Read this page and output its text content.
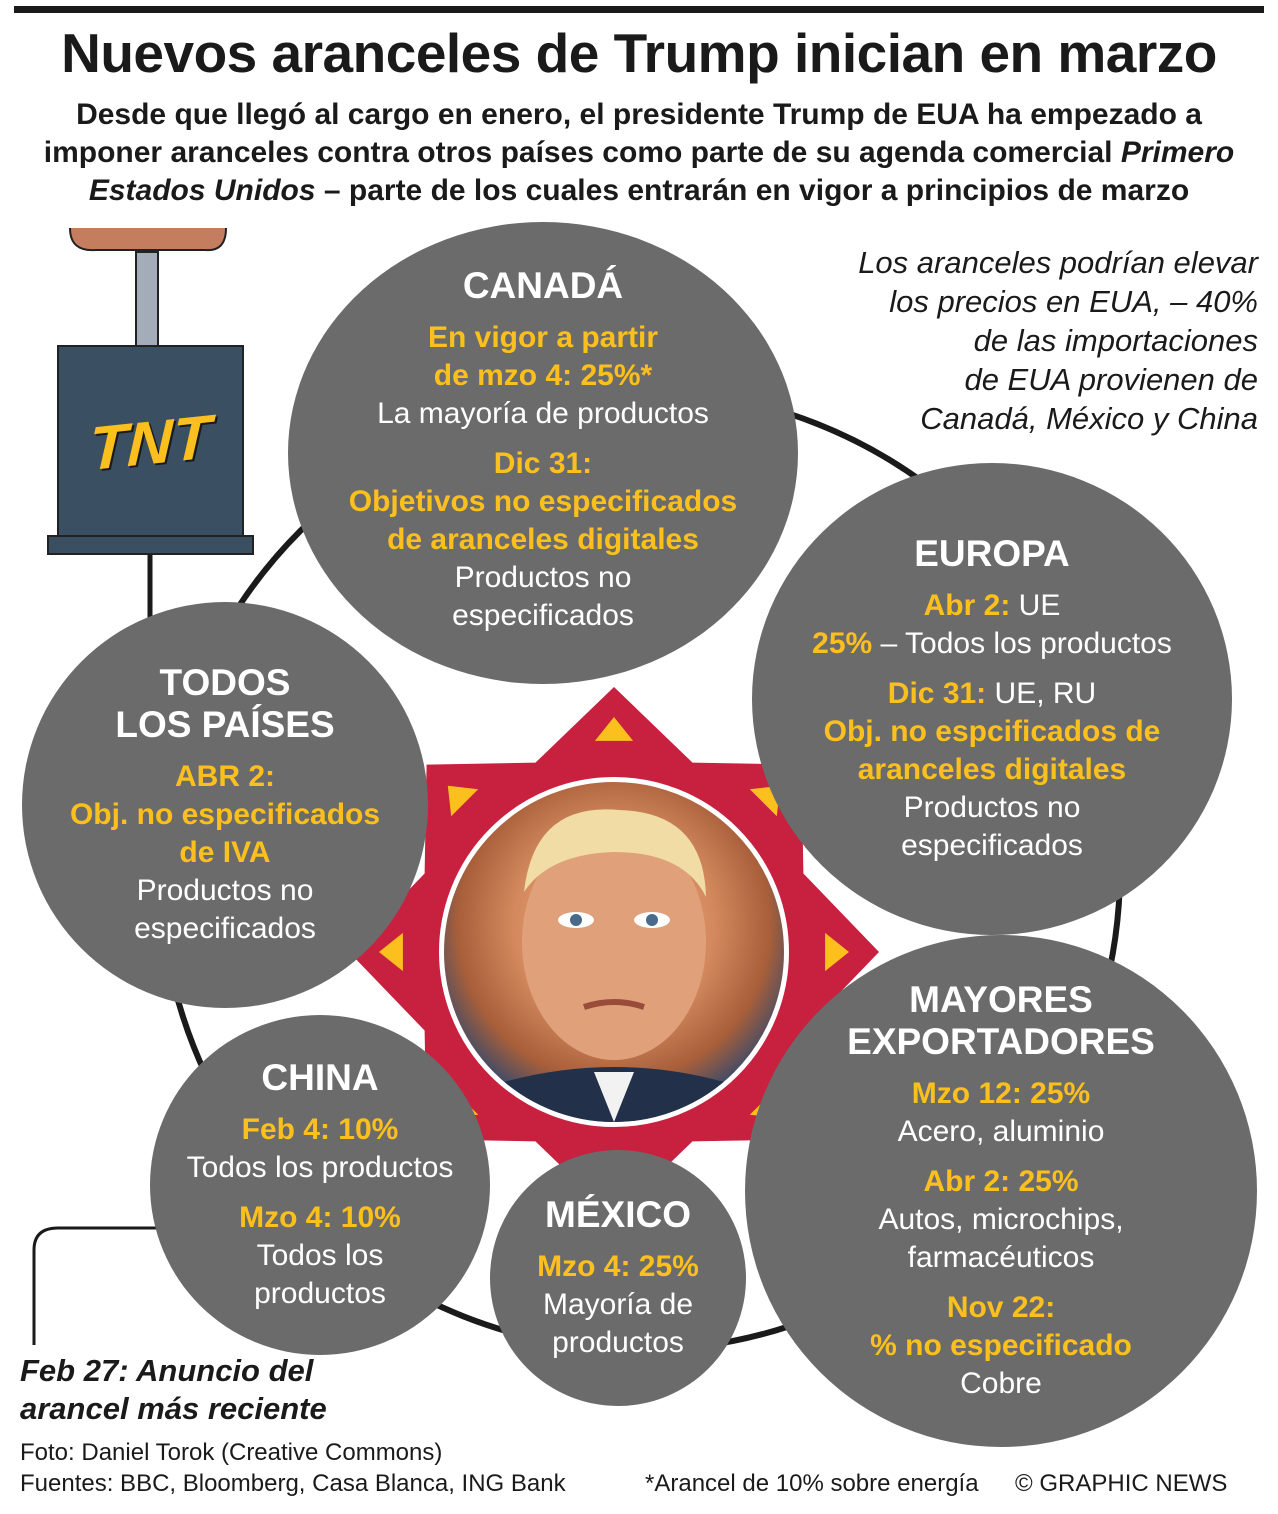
Nuevos aranceles de Trump inician en marzo
Desde que llegó al cargo en enero, el presidente Trump de EUA ha empezado a imponer aranceles contra otros países como parte de su agenda comercial Primero Estados Unidos – parte de los cuales entrarán en vigor a principios de marzo
Los aranceles podrían elevar
los precios en EUA, – 40%
de las importaciones
de EUA provienen de
Canadá, México y China
TNT
CANADÁ
En vigor a partir
de mzo 4: 25%*
La mayoría de productos
Dic 31:
Objetivos no especificados
de aranceles digitales
Productos no
especificados
EUROPA
Abr 2: UE
25% – Todos los productos
Dic 31: UE, RU
Obj. no espcificados de
aranceles digitales
Productos no
especificados
TODOS
LOS PAÍSES
ABR 2:
Obj. no especificados
de IVA
Productos no
especificados
MAYORES
EXPORTADORES
Mzo 12: 25%
Acero, aluminio
Abr 2: 25%
Autos, microchips,
farmacéuticos
Nov 22:
% no especificado
Cobre
CHINA
Feb 4: 10%
Todos los productos
Mzo 4: 10%
Todos los
productos
MÉXICO
Mzo 4: 25%
Mayoría de
productos
Feb 27: Anuncio del
arancel más reciente
Foto: Daniel Torok (Creative Commons)
Fuentes: BBC, Bloomberg, Casa Blanca, ING Bank	*Arancel de 10% sobre energía © GRAPHIC NEWS
